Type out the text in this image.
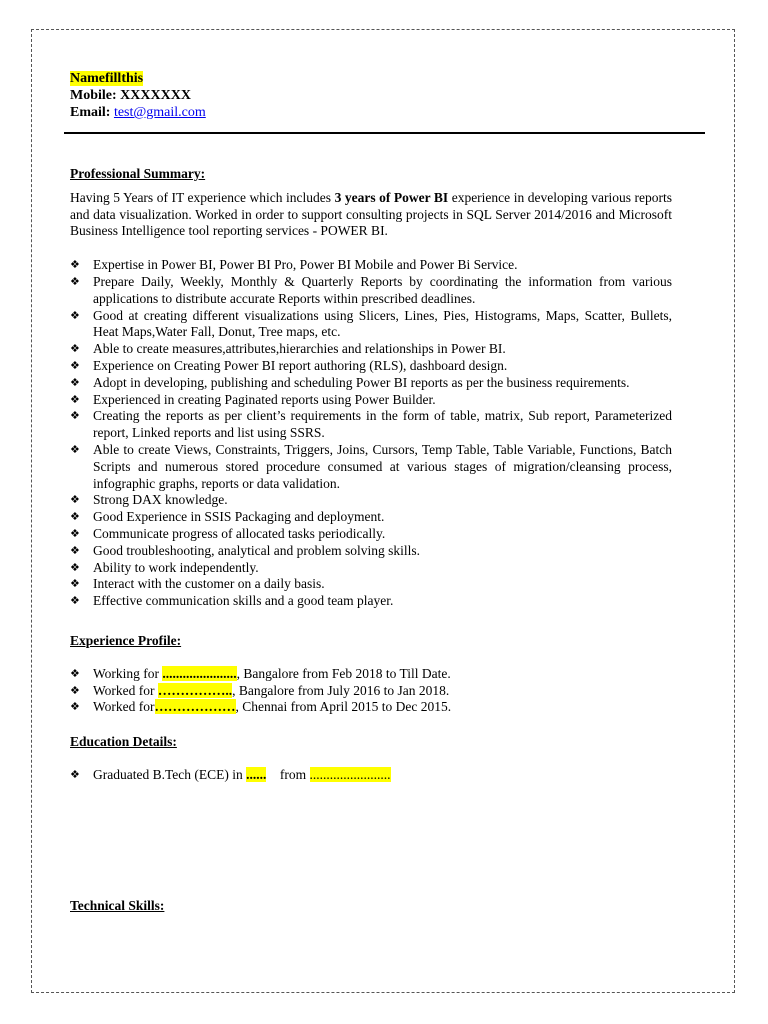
Namefillthis
Mobile: XXXXXXX
Email: test@gmail.com
Professional Summary:

Having 5 Years of IT experience which includes 3 years of Power BI experience in developing various reports and data visualization. Worked in order to support consulting projects in SQL Server 2014/2016 and Microsoft Business Intelligence tool reporting services - POWER BI.

❖ Expertise in Power BI, Power BI Pro, Power BI Mobile and Power Bi Service.
❖ Prepare Daily, Weekly, Monthly & Quarterly Reports by coordinating the information from various applications to distribute accurate Reports within prescribed deadlines.
❖ Good at creating different visualizations using Slicers, Lines, Pies, Histograms, Maps, Scatter, Bullets, Heat Maps,Water Fall, Donut, Tree maps, etc.
❖ Able to create measures,attributes,hierarchies and relationships in Power BI.
❖ Experience on Creating Power BI report authoring (RLS), dashboard design.
❖ Adopt in developing, publishing and scheduling Power BI reports as per the business requirements.
❖ Experienced in creating Paginated reports using Power Builder.
❖ Creating the reports as per client’s requirements in the form of table, matrix, Sub report, Parameterized report, Linked reports and list using SSRS.
❖ Able to create Views, Constraints, Triggers, Joins, Cursors, Temp Table, Table Variable, Functions, Batch Scripts and numerous stored procedure consumed at various stages of migration/cleansing process, infographic graphs, reports or data validation.
❖ Strong DAX knowledge.
❖ Good Experience in SSIS Packaging and deployment.
❖ Communicate progress of allocated tasks periodically.
❖ Good troubleshooting, analytical and problem solving skills.
❖ Ability to work independently.
❖ Interact with the customer on a daily basis.
❖ Effective communication skills and a good team player.
Experience Profile:
❖ Working for ......................, Bangalore from Feb 2018 to Till Date.
❖ Worked for …………….., Bangalore from July 2016 to Jan 2018.
❖ Worked for………………, Chennai from April 2015 to Dec 2015.
Education Details:
❖ Graduated B.Tech (ECE) in ......    from ........................
Technical Skills:
